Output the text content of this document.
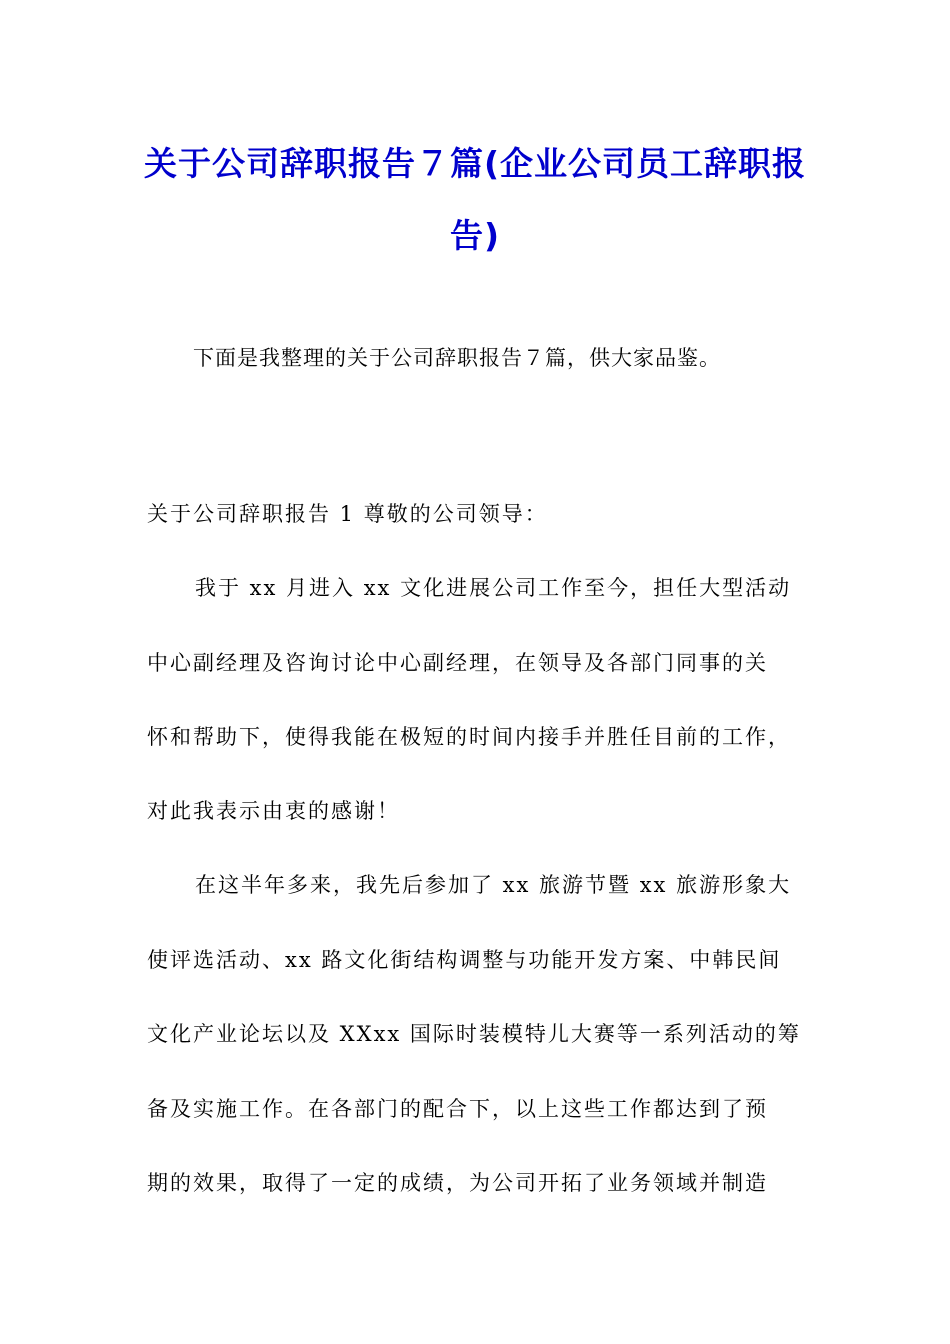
关于公司辞职报告７篇(企业公司员工辞职报告)
下面是我整理的关于公司辞职报告７篇，供大家品鉴。
关于公司辞职报告 1 尊敬的公司领导：
我于 xx 月进入 xx 文化进展公司工作至今，担任大型活动
中心副经理及咨询讨论中心副经理，在领导及各部门同事的关
怀和帮助下，使得我能在极短的时间内接手并胜任目前的工作，
对此我表示由衷的感谢！
在这半年多来，我先后参加了 xx 旅游节暨 xx 旅游形象大
使评选活动、xx 路文化街结构调整与功能开发方案、中韩民间
文化产业论坛以及 XXxx 国际时装模特儿大赛等一系列活动的筹
备及实施工作。在各部门的配合下，以上这些工作都达到了预
期的效果，取得了一定的成绩，为公司开拓了业务领域并制造
